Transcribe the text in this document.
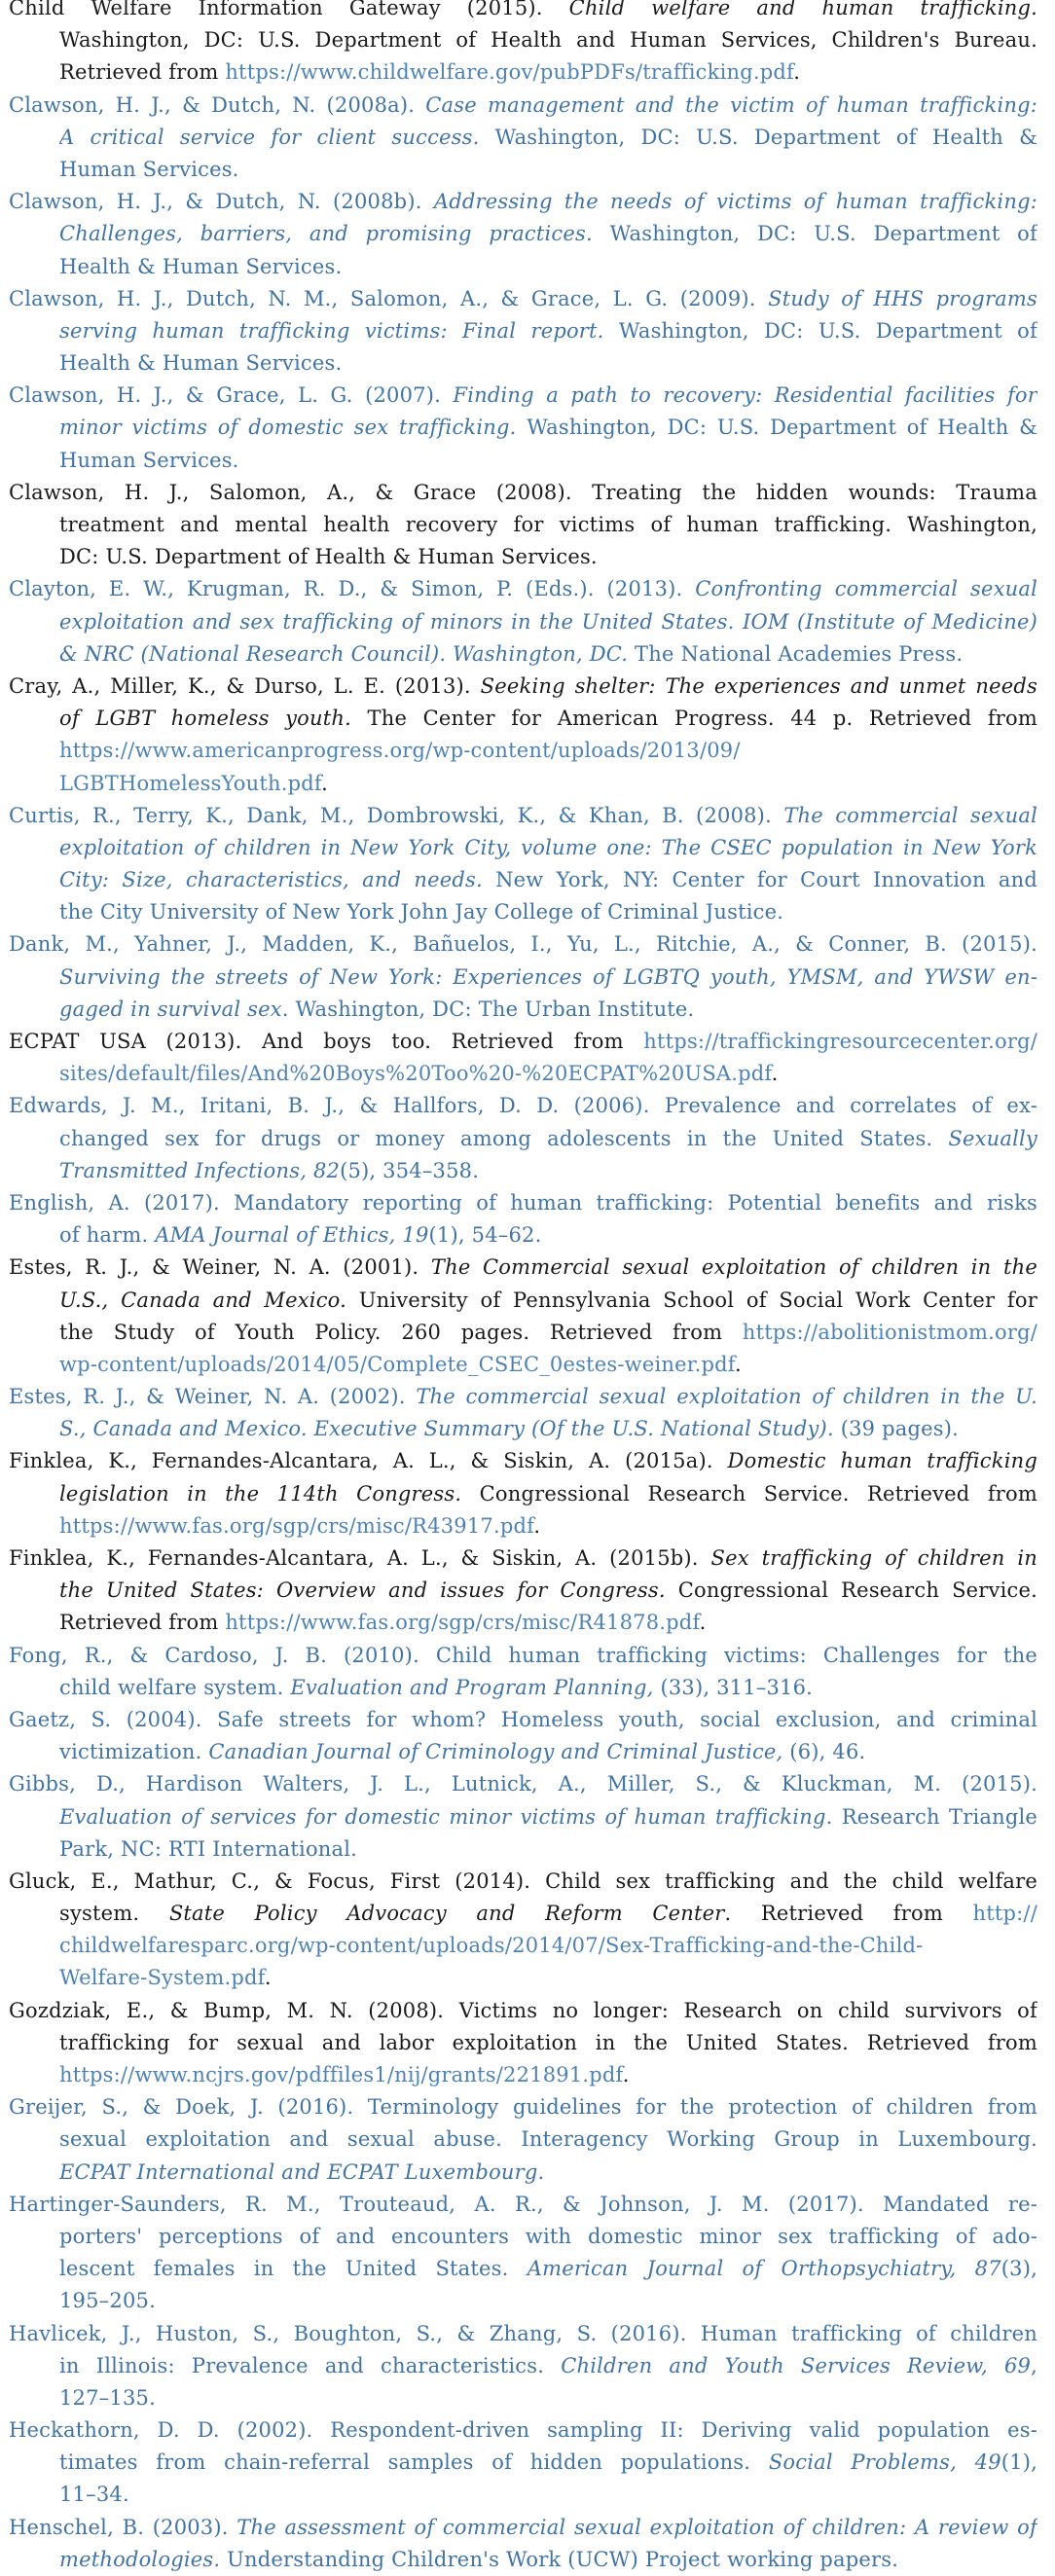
Child Welfare Information Gateway (2015). Child welfare and human trafficking.
Washington, DC: U.S. Department of Health and Human Services, Children's Bureau.
Retrieved from https://www.childwelfare.gov/pubPDFs/trafficking.pdf.
Clawson, H. J., & Dutch, N. (2008a). Case management and the victim of human trafficking:
A critical service for client success. Washington, DC: U.S. Department of Health &
Human Services.
Clawson, H. J., & Dutch, N. (2008b). Addressing the needs of victims of human trafficking:
Challenges, barriers, and promising practices. Washington, DC: U.S. Department of
Health & Human Services.
Clawson, H. J., Dutch, N. M., Salomon, A., & Grace, L. G. (2009). Study of HHS programs
serving human trafficking victims: Final report. Washington, DC: U.S. Department of
Health & Human Services.
Clawson, H. J., & Grace, L. G. (2007). Finding a path to recovery: Residential facilities for
minor victims of domestic sex trafficking. Washington, DC: U.S. Department of Health &
Human Services.
Clawson, H. J., Salomon, A., & Grace (2008). Treating the hidden wounds: Trauma
treatment and mental health recovery for victims of human trafficking. Washington,
DC: U.S. Department of Health & Human Services.
Clayton, E. W., Krugman, R. D., & Simon, P. (Eds.). (2013). Confronting commercial sexual
exploitation and sex trafficking of minors in the United States. IOM (Institute of Medicine)
& NRC (National Research Council). Washington, DC. The National Academies Press.
Cray, A., Miller, K., & Durso, L. E. (2013). Seeking shelter: The experiences and unmet needs
of LGBT homeless youth. The Center for American Progress. 44 p. Retrieved from
https://www.americanprogress.org/wp-content/uploads/2013/09/
LGBTHomelessYouth.pdf.
Curtis, R., Terry, K., Dank, M., Dombrowski, K., & Khan, B. (2008). The commercial sexual
exploitation of children in New York City, volume one: The CSEC population in New York
City: Size, characteristics, and needs. New York, NY: Center for Court Innovation and
the City University of New York John Jay College of Criminal Justice.
Dank, M., Yahner, J., Madden, K., Bañuelos, I., Yu, L., Ritchie, A., & Conner, B. (2015).
Surviving the streets of New York: Experiences of LGBTQ youth, YMSM, and YWSW en-
gaged in survival sex. Washington, DC: The Urban Institute.
ECPAT USA (2013). And boys too. Retrieved from https://traffickingresourcecenter.org/
sites/default/files/And%20Boys%20Too%20-%20ECPAT%20USA.pdf.
Edwards, J. M., Iritani, B. J., & Hallfors, D. D. (2006). Prevalence and correlates of ex-
changed sex for drugs or money among adolescents in the United States. Sexually
Transmitted Infections, 82(5), 354–358.
English, A. (2017). Mandatory reporting of human trafficking: Potential benefits and risks
of harm. AMA Journal of Ethics, 19(1), 54–62.
Estes, R. J., & Weiner, N. A. (2001). The Commercial sexual exploitation of children in the
U.S., Canada and Mexico. University of Pennsylvania School of Social Work Center for
the Study of Youth Policy. 260 pages. Retrieved from https://abolitionistmom.org/
wp-content/uploads/2014/05/Complete_CSEC_0estes-weiner.pdf.
Estes, R. J., & Weiner, N. A. (2002). The commercial sexual exploitation of children in the U.
S., Canada and Mexico. Executive Summary (Of the U.S. National Study). (39 pages).
Finklea, K., Fernandes-Alcantara, A. L., & Siskin, A. (2015a). Domestic human trafficking
legislation in the 114th Congress. Congressional Research Service. Retrieved from
https://www.fas.org/sgp/crs/misc/R43917.pdf.
Finklea, K., Fernandes-Alcantara, A. L., & Siskin, A. (2015b). Sex trafficking of children in
the United States: Overview and issues for Congress. Congressional Research Service.
Retrieved from https://www.fas.org/sgp/crs/misc/R41878.pdf.
Fong, R., & Cardoso, J. B. (2010). Child human trafficking victims: Challenges for the
child welfare system. Evaluation and Program Planning, (33), 311–316.
Gaetz, S. (2004). Safe streets for whom? Homeless youth, social exclusion, and criminal
victimization. Canadian Journal of Criminology and Criminal Justice, (6), 46.
Gibbs, D., Hardison Walters, J. L., Lutnick, A., Miller, S., & Kluckman, M. (2015).
Evaluation of services for domestic minor victims of human trafficking. Research Triangle
Park, NC: RTI International.
Gluck, E., Mathur, C., & Focus, First (2014). Child sex trafficking and the child welfare
system. State Policy Advocacy and Reform Center. Retrieved from http://
childwelfaresparc.org/wp-content/uploads/2014/07/Sex-Trafficking-and-the-Child-
Welfare-System.pdf.
Gozdziak, E., & Bump, M. N. (2008). Victims no longer: Research on child survivors of
trafficking for sexual and labor exploitation in the United States. Retrieved from
https://www.ncjrs.gov/pdffiles1/nij/grants/221891.pdf.
Greijer, S., & Doek, J. (2016). Terminology guidelines for the protection of children from
sexual exploitation and sexual abuse. Interagency Working Group in Luxembourg.
ECPAT International and ECPAT Luxembourg.
Hartinger-Saunders, R. M., Trouteaud, A. R., & Johnson, J. M. (2017). Mandated re-
porters' perceptions of and encounters with domestic minor sex trafficking of ado-
lescent females in the United States. American Journal of Orthopsychiatry, 87(3),
195–205.
Havlicek, J., Huston, S., Boughton, S., & Zhang, S. (2016). Human trafficking of children
in Illinois: Prevalence and characteristics. Children and Youth Services Review, 69,
127–135.
Heckathorn, D. D. (2002). Respondent-driven sampling II: Deriving valid population es-
timates from chain-referral samples of hidden populations. Social Problems, 49(1),
11–34.
Henschel, B. (2003). The assessment of commercial sexual exploitation of children: A review of
methodologies. Understanding Children's Work (UCW) Project working papers.
